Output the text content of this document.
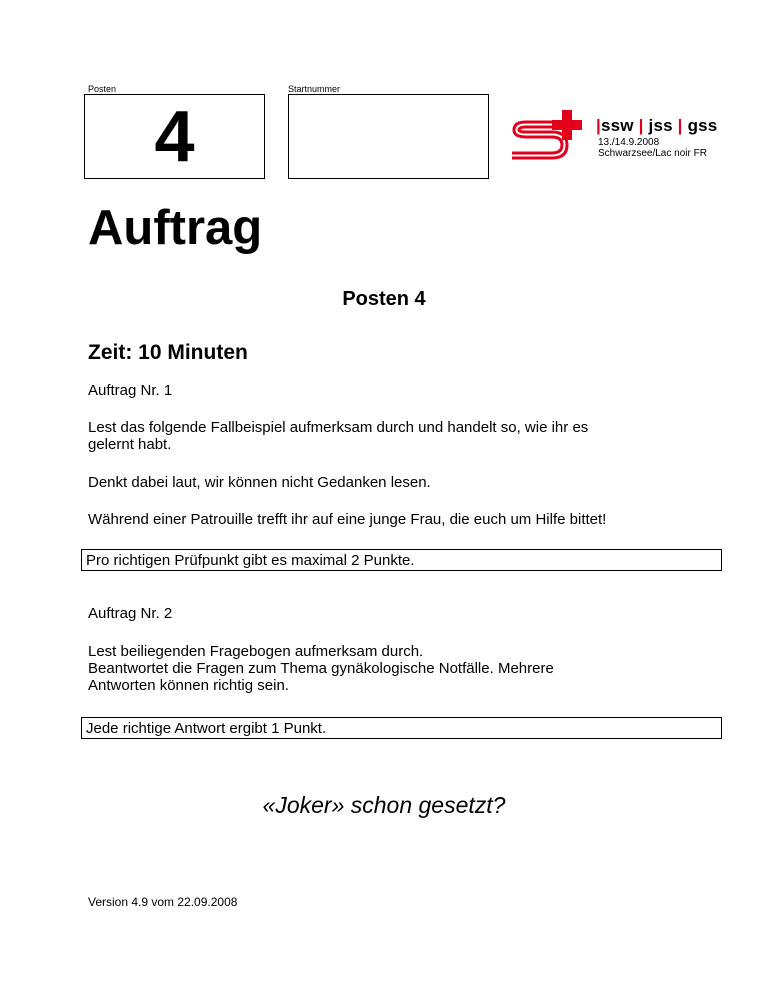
Posten	Startnummer
4	|ssw | jss | gss
13./14.9.2008
Schwarzsee/Lac noir FR
Auftrag
Posten 4
Zeit: 10 Minuten
Auftrag Nr. 1
Lest das folgende Fallbeispiel aufmerksam durch und handelt so, wie ihr es
gelernt habt.
Denkt dabei laut, wir können nicht Gedanken lesen.
Während einer Patrouille trefft ihr auf eine junge Frau, die euch um Hilfe bittet!
Pro richtigen Prüfpunkt gibt es maximal 2 Punkte.
Auftrag Nr. 2
Lest beiliegenden Fragebogen aufmerksam durch.
Beantwortet die Fragen zum Thema gynäkologische Notfälle. Mehrere
Antworten können richtig sein.
Jede richtige Antwort ergibt 1 Punkt.
«Joker» schon gesetzt?
Version 4.9 vom 22.09.2008
